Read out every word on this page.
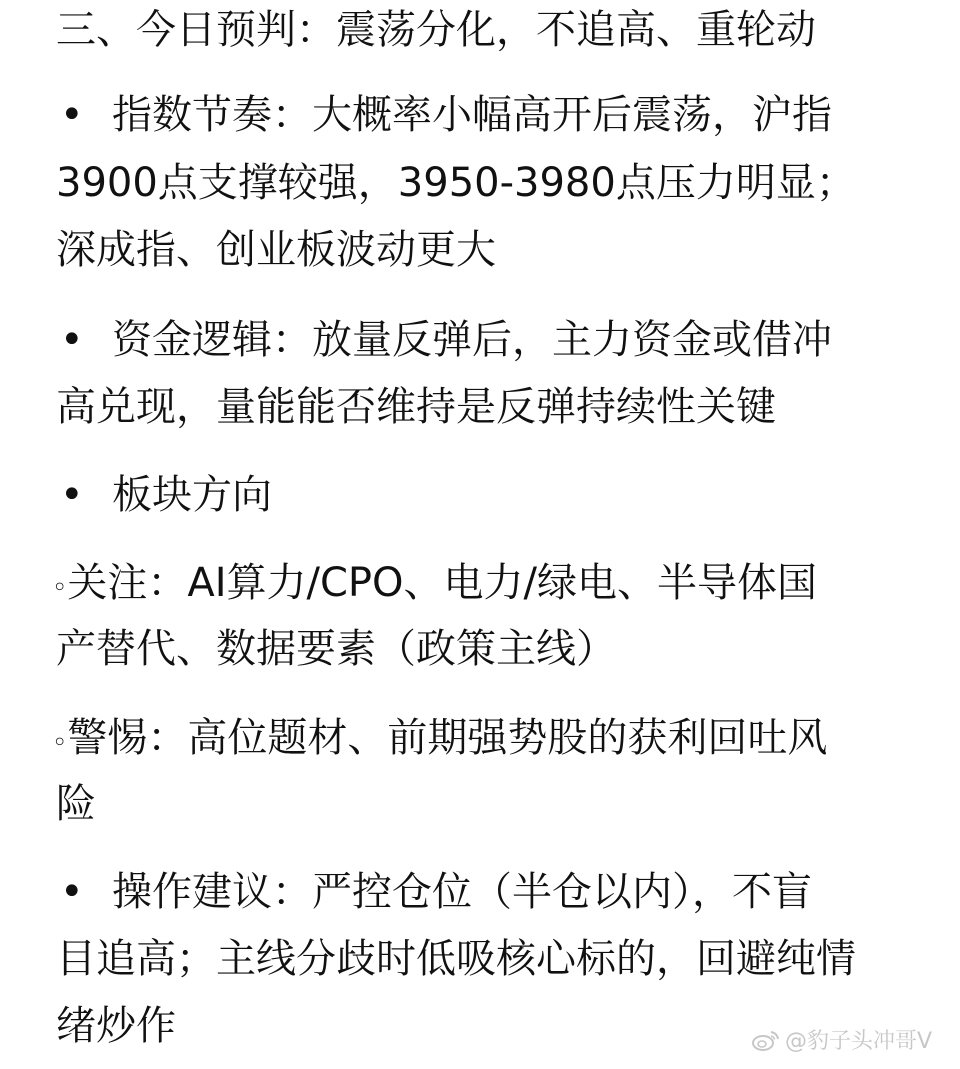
三、今日预判：震荡分化，不追高、重轮动
• 指数节奏：大概率小幅高开后震荡，沪指
3900点支撑较强，3950-3980点压力明显；
深成指、创业板波动更大
• 资金逻辑：放量反弹后，主力资金或借冲
高兑现，量能能否维持是反弹持续性关键
• 板块方向
◦关注：AI算力/CPO、电力/绿电、半导体国
产替代、数据要素（政策主线）
◦警惕：高位题材、前期强势股的获利回吐风
险
• 操作建议：严控仓位（半仓以内），不盲
目追高；主线分歧时低吸核心标的，回避纯情
绪炒作	@豹子头冲哥V
